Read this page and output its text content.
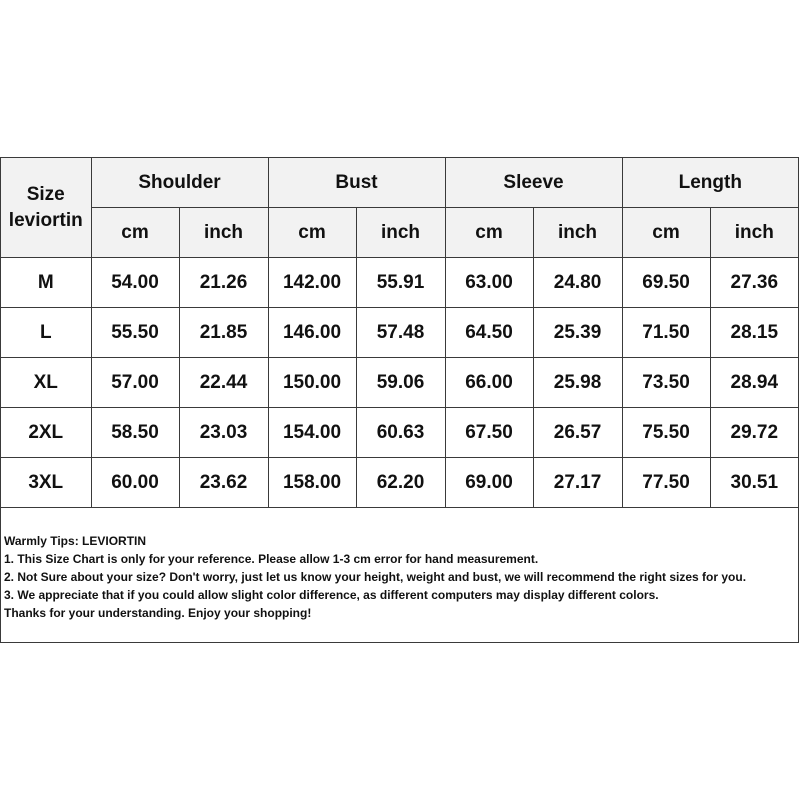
Size
leviortin	Shoulder		Bust		Sleeve		Length	
	cm	inch	cm	inch	cm	inch	cm	inch
M	54.00	21.26	142.00	55.91	63.00	24.80	69.50	27.36
L	55.50	21.85	146.00	57.48	64.50	25.39	71.50	28.15
XL	57.00	22.44	150.00	59.06	66.00	25.98	73.50	28.94
2XL	58.50	23.03	154.00	60.63	67.50	26.57	75.50	29.72
3XL	60.00	23.62	158.00	62.20	69.00	27.17	77.50	30.51
Warmly Tips: LEVIORTIN
1. This Size Chart is only for your reference. Please allow 1-3 cm error for hand measurement.
2. Not Sure about your size? Don't worry, just let us know your height, weight and bust, we will recommend the right sizes for you.
3. We appreciate that if you could allow slight color difference, as different computers may display different colors.
Thanks for your understanding. Enjoy your shopping!
